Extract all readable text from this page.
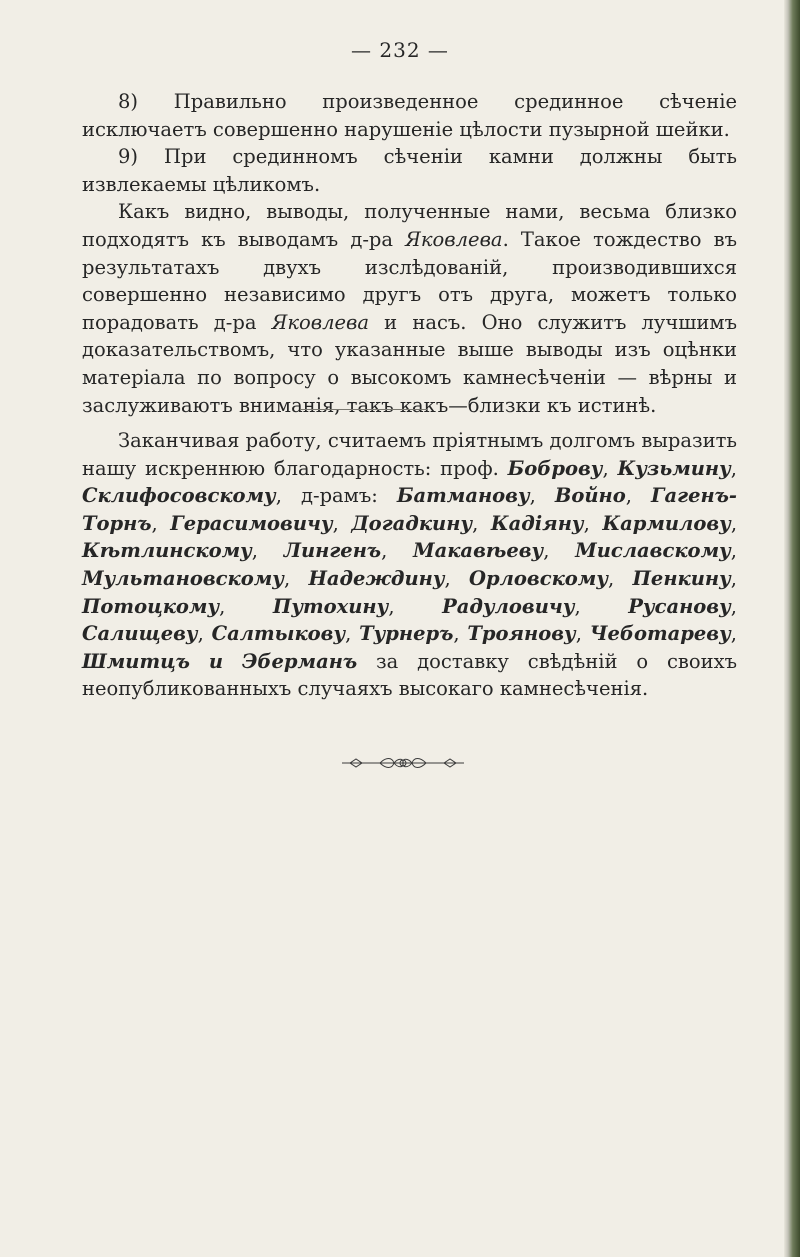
— 232 —

8) Правильно произведенное срединное сѣченіе исключаетъ совершенно нарушеніе цѣлости пузырной шейки.

9) При срединномъ сѣченіи камни должны быть извлекаемы цѣликомъ.

Какъ видно, выводы, полученные нами, весьма близко подходятъ къ выводамъ д-ра Яковлева. Такое тождество въ результатахъ двухъ изслѣдованій, производившихся совершенно независимо другъ отъ друга, можетъ только порадовать д-ра Яковлева и насъ. Оно служитъ лучшимъ доказательствомъ, что указанные выше выводы изъ оцѣнки матеріала по вопросу о высокомъ камнесѣченіи — вѣрны и заслуживаютъ вниманія, такъ какъ—близки къ истинѣ.

Заканчивая работу, считаемъ пріятнымъ долгомъ выразить нашу искреннюю благодарность: проф. Боброву, Кузьмину, Склифосовскому, д-рамъ: Батманову, Войно, Гагенъ-Торнъ, Герасимовичу, Догадкину, Кадіяну, Кармилову, Кѣтлинскому, Лингенъ, Макавѣеву, Миславскому, Мультановскому, Надеждину, Орловскому, Пенкину, Потоцкому, Путохину, Радуловичу, Русанову, Салищеву, Салтыкову, Турнеръ, Троянову, Чеботареву, Шмитцъ и Эберманъ за доставку свѣдѣній о своихъ неопубликованныхъ случаяхъ высокаго камнесѣченія.
